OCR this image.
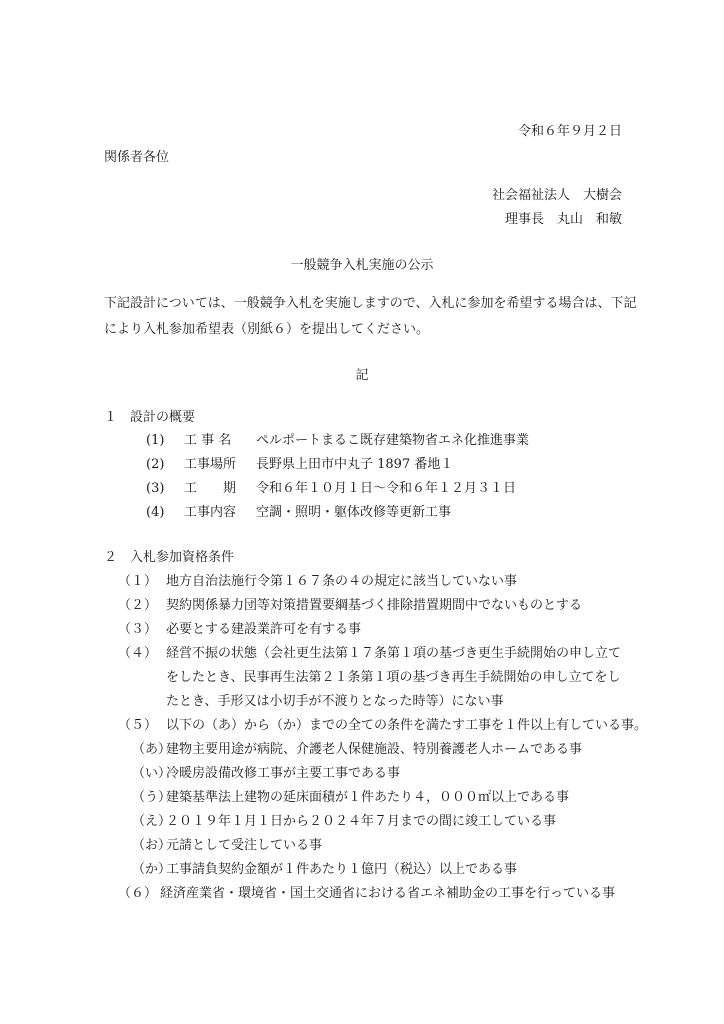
令和６年９月２日
関係者各位
社会福祉法人　大樹会
理事長　丸山　和敏
一般競争入札実施の公示
下記設計については、一般競争入札を実施しますので、入札に参加を希望する場合は、下記
により入札参加希望表（別紙６）を提出してください。
記
１　設計の概要
(1) 工 事 名 ペルポートまるこ既存建築物省エネ化推進事業
(2) 工事場所 長野県上田市中丸子 1897 番地１
(3) 工　　期 令和６年１０月１日〜令和６年１２月３１日
(4) 工事内容 空調・照明・躯体改修等更新工事
２　入札参加資格条件
（１） 地方自治法施行令第１６７条の４の規定に該当していない事
（２） 契約関係暴力団等対策措置要綱基づく排除措置期間中でないものとする
（３） 必要とする建設業許可を有する事
（４） 経営不振の状態（会社更生法第１７条第１項の基づき更生手続開始の申し立て
をしたとき、民事再生法第２１条第１項の基づき再生手続開始の申し立てをし
たとき、手形又は小切手が不渡りとなった時等）にない事
（５） 以下の（あ）から（か）までの全ての条件を満たす工事を１件以上有している事。
（あ）建物主要用途が病院、介護老人保健施設、特別養護老人ホームである事
（い）冷暖房設備改修工事が主要工事である事
（う）建築基準法上建物の延床面積が１件あたり４，０００㎡以上である事
（え）２０１９年１月１日から２０２４年７月までの間に竣工している事
（お）元請として受注している事
（か）工事請負契約金額が１件あたり１億円（税込）以上である事
（６） 経済産業省・環境省・国土交通省における省エネ補助金の工事を行っている事
